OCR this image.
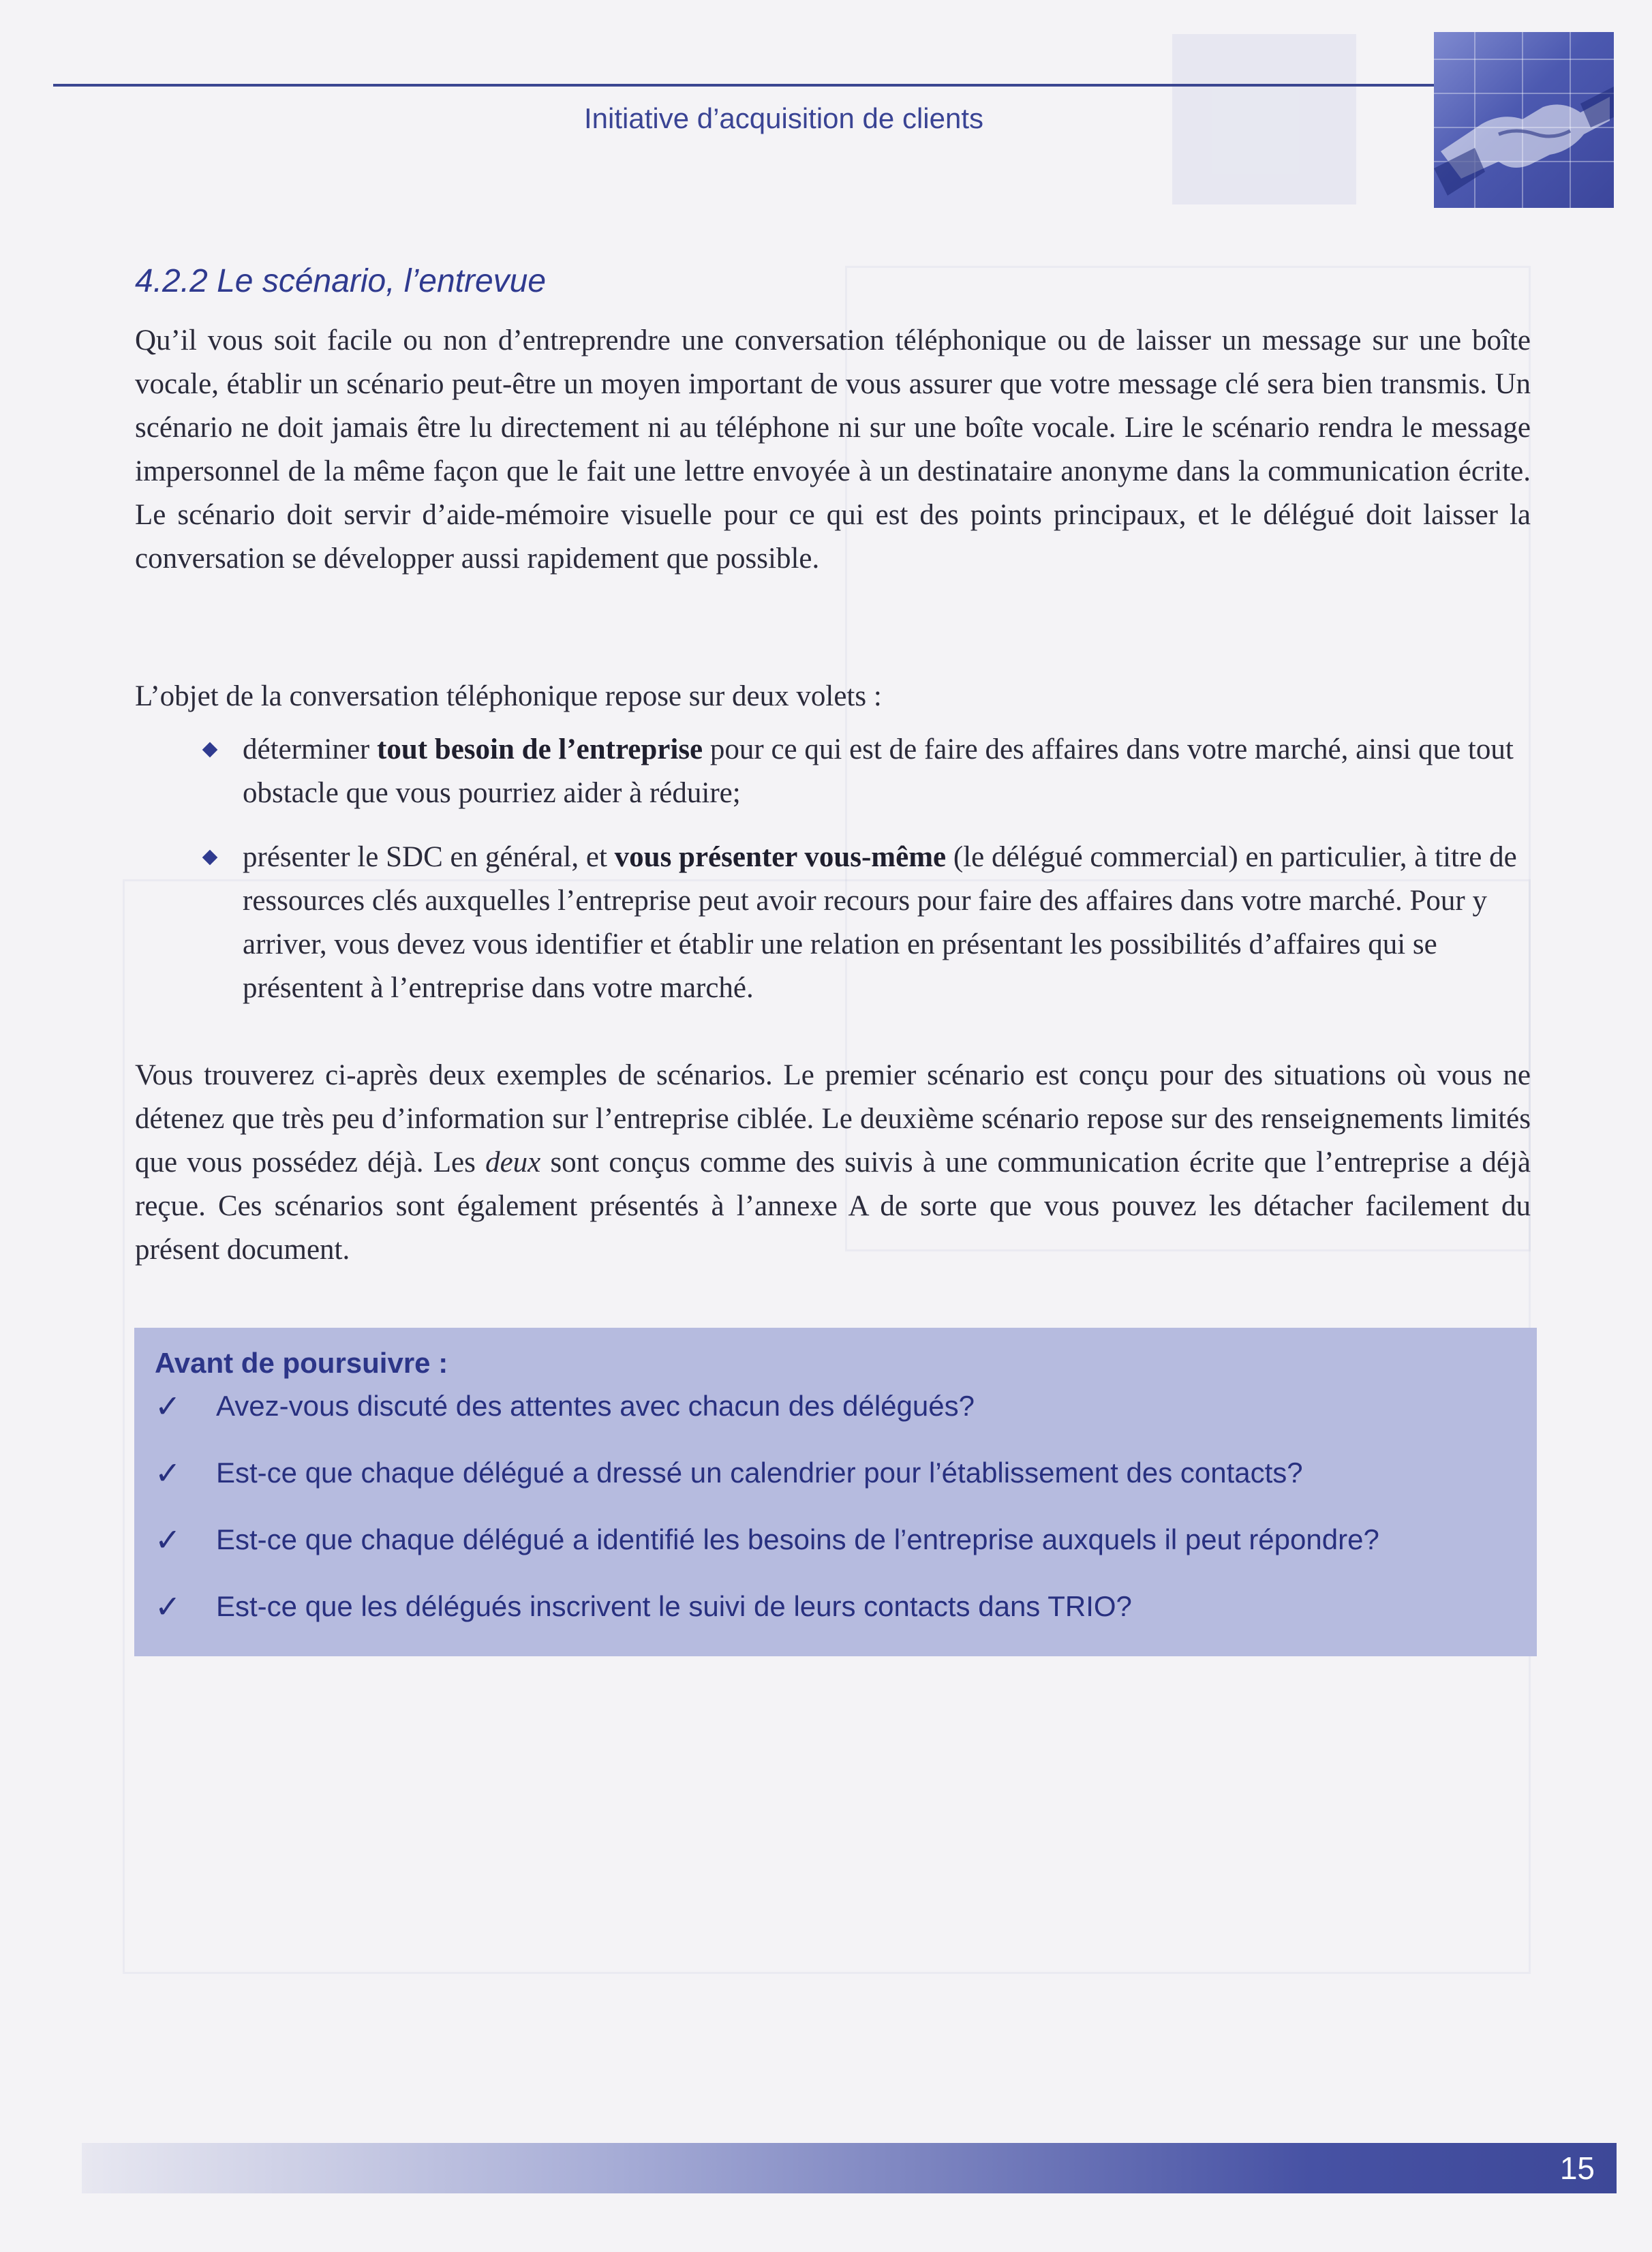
Initiative d’acquisition de clients
4.2.2 Le scénario, l’entrevue

Qu’il vous soit facile ou non d’entreprendre une conversation téléphonique ou de laisser un message sur une boîte vocale, établir un scénario peut-être un moyen important de vous assurer que votre message clé sera bien transmis. Un scénario ne doit jamais être lu directement ni au téléphone ni sur une boîte vocale. Lire le scénario rendra le message impersonnel de la même façon que le fait une lettre envoyée à un destinataire anonyme dans la communication écrite. Le scénario doit servir d’aide-mémoire visuelle pour ce qui est des points principaux, et le délégué doit laisser la conversation se développer aussi rapidement que possible.

L’objet de la conversation téléphonique repose sur deux volets :

déterminer tout besoin de l’entreprise pour ce qui est de faire des affaires dans votre marché, ainsi que tout obstacle que vous pourriez aider à réduire;
présenter le SDC en général, et vous présenter vous-même (le délégué commercial) en particulier, à titre de ressources clés auxquelles l’entreprise peut avoir recours pour faire des affaires dans votre marché. Pour y arriver, vous devez vous identifier et établir une relation en présentant les possibilités d’affaires qui se présentent à l’entreprise dans votre marché.

Vous trouverez ci-après deux exemples de scénarios. Le premier scénario est conçu pour des situations où vous ne détenez que très peu d’information sur l’entreprise ciblée. Le deuxième scénario repose sur des renseignements limités que vous possédez déjà. Les deux sont conçus comme des suivis à une communication écrite que l’entreprise a déjà reçue. Ces scénarios sont également présentés à l’annexe A de sorte que vous pouvez les détacher facilement du présent document.

Avant de poursuivre :
✓ Avez-vous discuté des attentes avec chacun des délégués?
✓ Est-ce que chaque délégué a dressé un calendrier pour l’établissement des contacts?
✓ Est-ce que chaque délégué a identifié les besoins de l’entreprise auxquels il peut répondre?
✓ Est-ce que les délégués inscrivent le suivi de leurs contacts dans TRIO?
15
